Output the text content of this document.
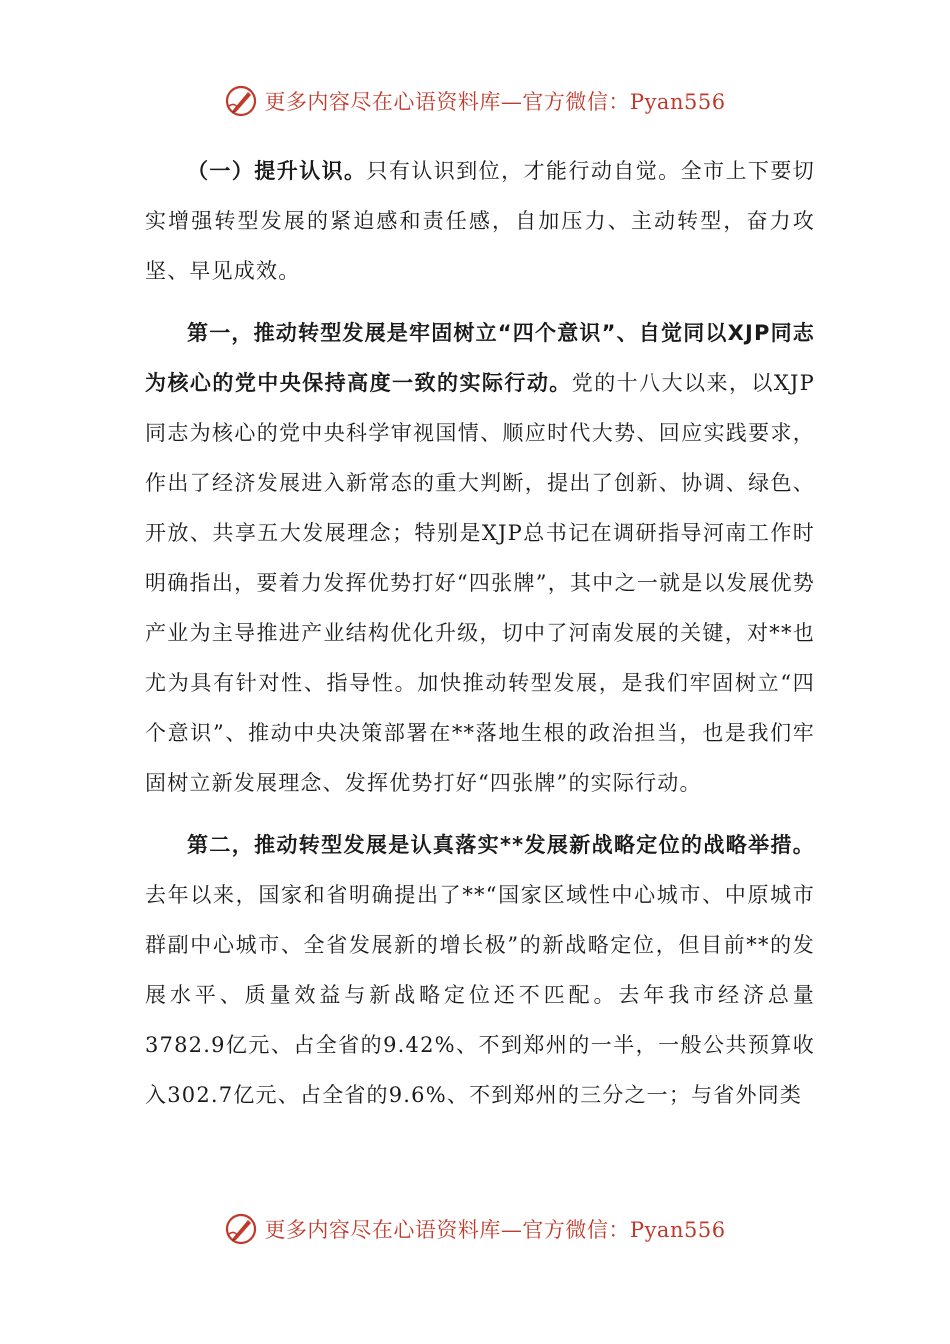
更多内容尽在心语资料库—官方微信：Pyan556

（一）提升认识。只有认识到位，才能行动自觉。全市上下要切实增强转型发展的紧迫感和责任感，自加压力、主动转型，奋力攻坚、早见成效。

第一，推动转型发展是牢固树立“四个意识”、自觉同以XJP同志为核心的党中央保持高度一致的实际行动。党的十八大以来，以XJP同志为核心的党中央科学审视国情、顺应时代大势、回应实践要求，作出了经济发展进入新常态的重大判断，提出了创新、协调、绿色、开放、共享五大发展理念；特别是XJP总书记在调研指导河南工作时明确指出，要着力发挥优势打好“四张牌”，其中之一就是以发展优势产业为主导推进产业结构优化升级，切中了河南发展的关键，对**也尤为具有针对性、指导性。加快推动转型发展，是我们牢固树立“四个意识”、推动中央决策部署在**落地生根的政治担当，也是我们牢固树立新发展理念、发挥优势打好“四张牌”的实际行动。

第二，推动转型发展是认真落实**发展新战略定位的战略举措。去年以来，国家和省明确提出了**“国家区域性中心城市、中原城市群副中心城市、全省发展新的增长极”的新战略定位，但目前**的发展水平、质量效益与新战略定位还不匹配。去年我市经济总量3782.9亿元、占全省的9.42%、不到郑州的一半，一般公共预算收入302.7亿元、占全省的9.6%、不到郑州的三分之一；与省外同类

更多内容尽在心语资料库—官方微信：Pyan556
